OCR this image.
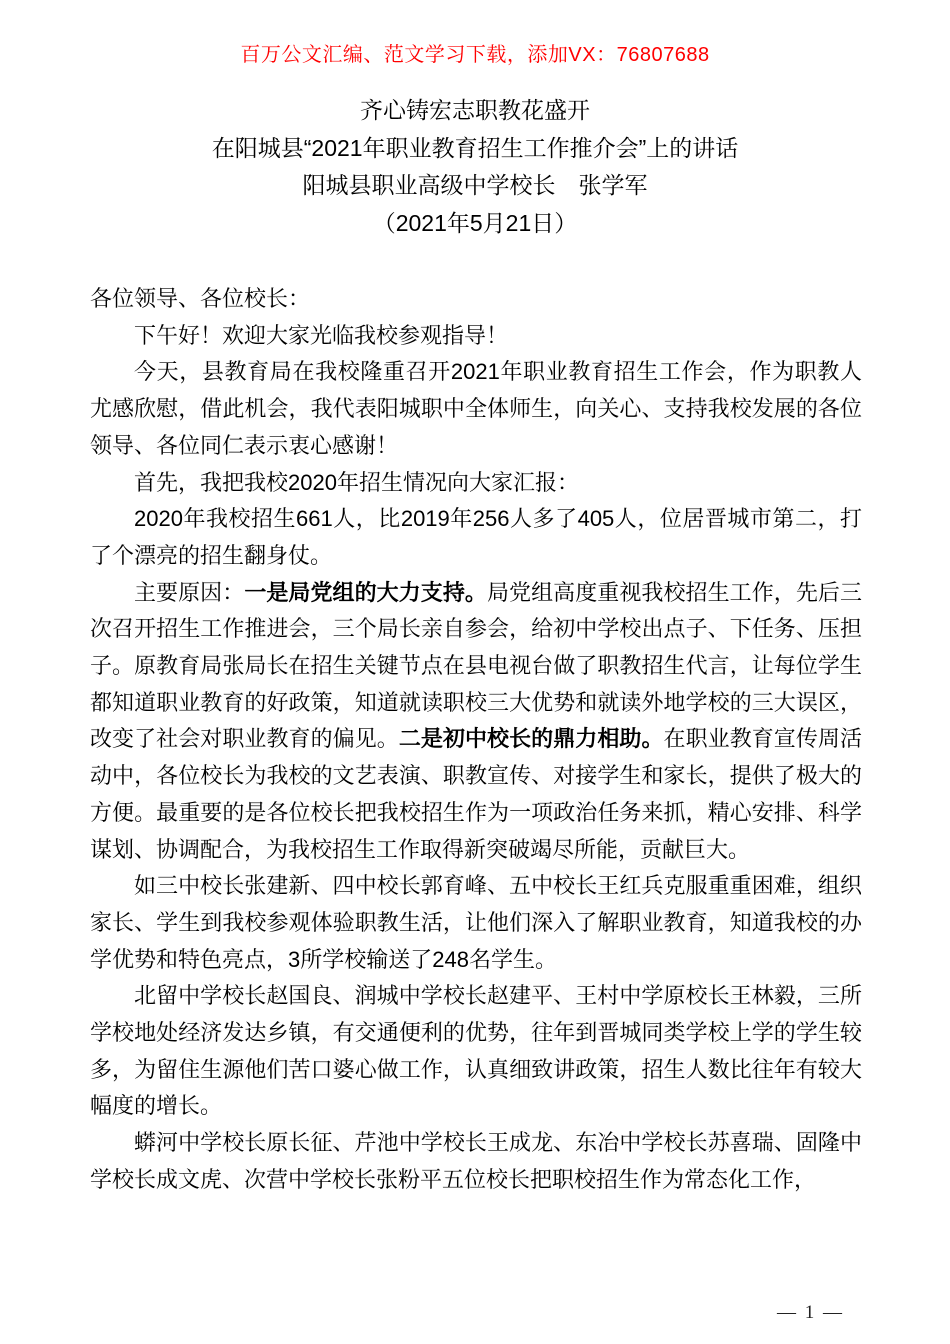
百万公文汇编、范文学习下载，添加VX：76807688

齐心铸宏志职教花盛开

在阳城县“2021年职业教育招生工作推介会”上的讲话

阳城县职业高级中学校长　张学军

（2021年5月21日）

各位领导、各位校长：

下午好！欢迎大家光临我校参观指导！

今天，县教育局在我校隆重召开2021年职业教育招生工作会，作为职教人尤感欣慰，借此机会，我代表阳城职中全体师生，向关心、支持我校发展的各位领导、各位同仁表示衷心感谢！

首先，我把我校2020年招生情况向大家汇报：

2020年我校招生661人，比2019年256人多了405人，位居晋城市第二，打了个漂亮的招生翻身仗。

主要原因：一是局党组的大力支持。局党组高度重视我校招生工作，先后三次召开招生工作推进会，三个局长亲自参会，给初中学校出点子、下任务、压担子。原教育局张局长在招生关键节点在县电视台做了职教招生代言，让每位学生都知道职业教育的好政策，知道就读职校三大优势和就读外地学校的三大误区，改变了社会对职业教育的偏见。二是初中校长的鼎力相助。在职业教育宣传周活动中，各位校长为我校的文艺表演、职教宣传、对接学生和家长，提供了极大的方便。最重要的是各位校长把我校招生作为一项政治任务来抓，精心安排、科学谋划、协调配合，为我校招生工作取得新突破竭尽所能，贡献巨大。

如三中校长张建新、四中校长郭育峰、五中校长王红兵克服重重困难，组织家长、学生到我校参观体验职教生活，让他们深入了解职业教育，知道我校的办学优势和特色亮点，3所学校输送了248名学生。

北留中学校长赵国良、润城中学校长赵建平、王村中学原校长王林毅，三所学校地处经济发达乡镇，有交通便利的优势，往年到晋城同类学校上学的学生较多，为留住生源他们苦口婆心做工作，认真细致讲政策，招生人数比往年有较大幅度的增长。

蟒河中学校长原长征、芹池中学校长王成龙、东冶中学校长苏喜瑞、固隆中学校长成文虎、次营中学校长张粉平五位校长把职校招生作为常态化工作，

— 1 —
